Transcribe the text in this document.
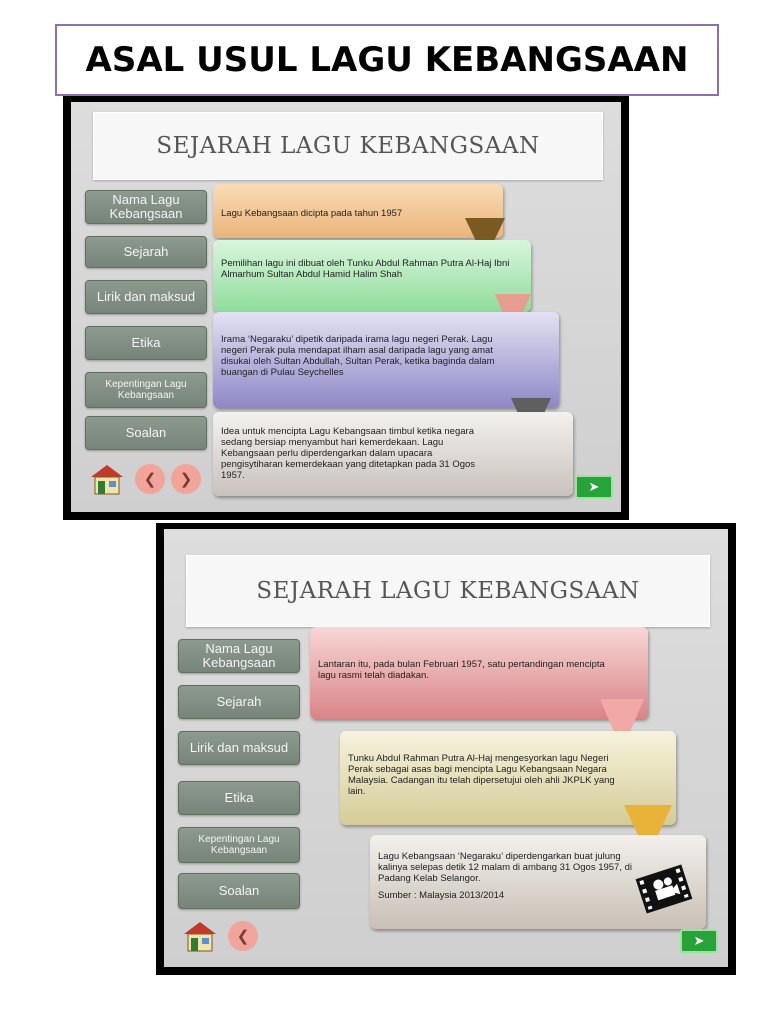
ASAL USUL LAGU KEBANGSAAN
SEJARAH LAGU KEBANGSAAN
Nama Lagu Kebangsaan
Sejarah
Lirik dan maksud
Etika
Kepentingan Lagu Kebangsaan
Soalan
Lagu Kebangsaan dicipta pada tahun 1957
Pemilihan lagu ini dibuat oleh Tunku Abdul Rahman Putra Al-Haj Ibni Almarhum Sultan Abdul Hamid Halim Shah
Irama ‘Negaraku’ dipetik daripada irama lagu negeri Perak. Lagu negeri Perak pula mendapat ilham asal daripada lagu yang amat disukai oleh Sultan Abdullah, Sultan Perak, ketika baginda dalam buangan di Pulau Seychelles
Idea untuk mencipta Lagu Kebangsaan timbul ketika negara sedang bersiap menyambut hari kemerdekaan. Lagu Kebangsaan perlu diperdengarkan dalam upacara pengisytiharan kemerdekaan yang ditetapkan pada 31 Ogos 1957.
❮	❯	➤
SEJARAH LAGU KEBANGSAAN
Nama Lagu Kebangsaan
Sejarah
Lirik dan maksud
Etika
Kepentingan Lagu Kebangsaan
Soalan
Lantaran itu, pada bulan Februari 1957, satu pertandingan mencipta lagu rasmi telah diadakan.
Tunku Abdul Rahman Putra Al-Haj mengesyorkan lagu Negeri Perak sebagai asas bagi mencipta Lagu Kebangsaan Negara Malaysia. Cadangan itu telah dipersetujui oleh ahli JKPLK yang lain.
Lagu Kebangsaan ‘Negaraku’ diperdengarkan buat julung kalinya selepas detik 12 malam di ambang 31 Ogos 1957, di Padang Kelab Selangor.
Sumber : Malaysia 2013/2014
❮	➤
